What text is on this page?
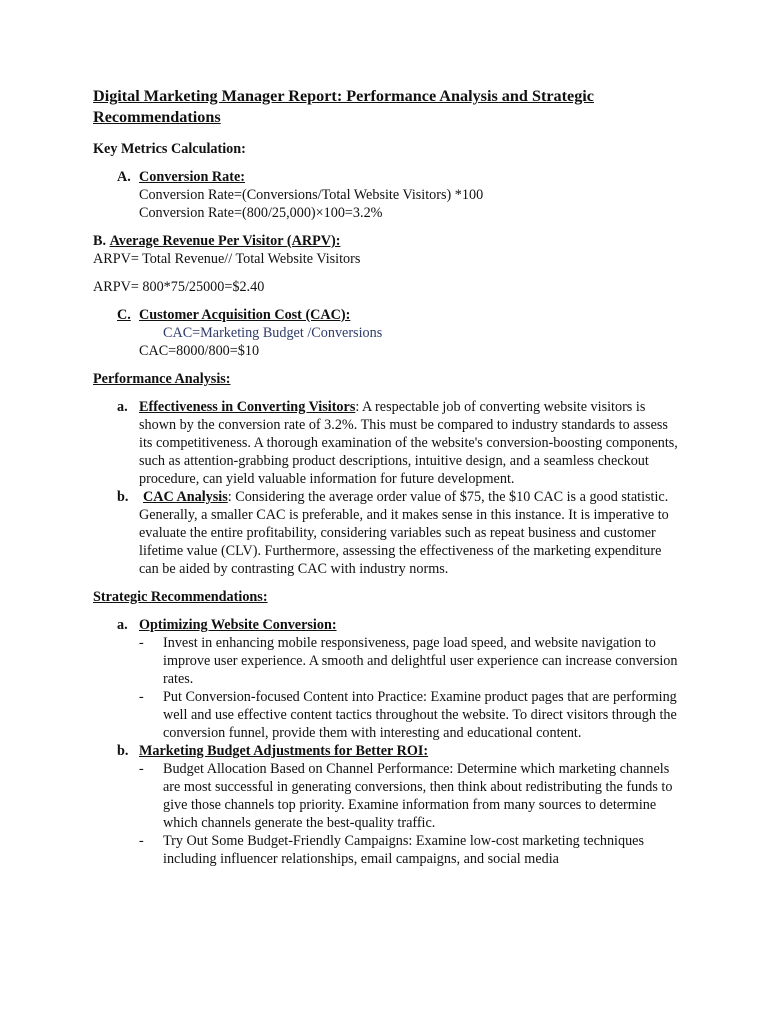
Digital Marketing Manager Report: Performance Analysis and Strategic Recommendations
Key Metrics Calculation:
A. Conversion Rate:
Conversion Rate=(Conversions/Total Website Visitors) *100
Conversion Rate=(800/25,000)×100=3.2%
B. Average Revenue Per Visitor (ARPV):
ARPV= Total Revenue// Total Website Visitors
ARPV= 800*75/25000=$2.40
C. Customer Acquisition Cost (CAC):
CAC=Marketing Budget /Conversions
CAC=8000/800=$10
Performance Analysis:
a. Effectiveness in Converting Visitors: A respectable job of converting website visitors is shown by the conversion rate of 3.2%. This must be compared to industry standards to assess its competitiveness. A thorough examination of the website's conversion-boosting components, such as attention-grabbing product descriptions, intuitive design, and a seamless checkout procedure, can yield valuable information for future development.
b. CAC Analysis: Considering the average order value of $75, the $10 CAC is a good statistic. Generally, a smaller CAC is preferable, and it makes sense in this instance. It is imperative to evaluate the entire profitability, considering variables such as repeat business and customer lifetime value (CLV). Furthermore, assessing the effectiveness of the marketing expenditure can be aided by contrasting CAC with industry norms.
Strategic Recommendations:
a. Optimizing Website Conversion:
- Invest in enhancing mobile responsiveness, page load speed, and website navigation to improve user experience. A smooth and delightful user experience can increase conversion rates.
- Put Conversion-focused Content into Practice: Examine product pages that are performing well and use effective content tactics throughout the website. To direct visitors through the conversion funnel, provide them with interesting and educational content.
b. Marketing Budget Adjustments for Better ROI:
- Budget Allocation Based on Channel Performance: Determine which marketing channels are most successful in generating conversions, then think about redistributing the funds to give those channels top priority. Examine information from many sources to determine which channels generate the best-quality traffic.
- Try Out Some Budget-Friendly Campaigns: Examine low-cost marketing techniques including influencer relationships, email campaigns, and social media
